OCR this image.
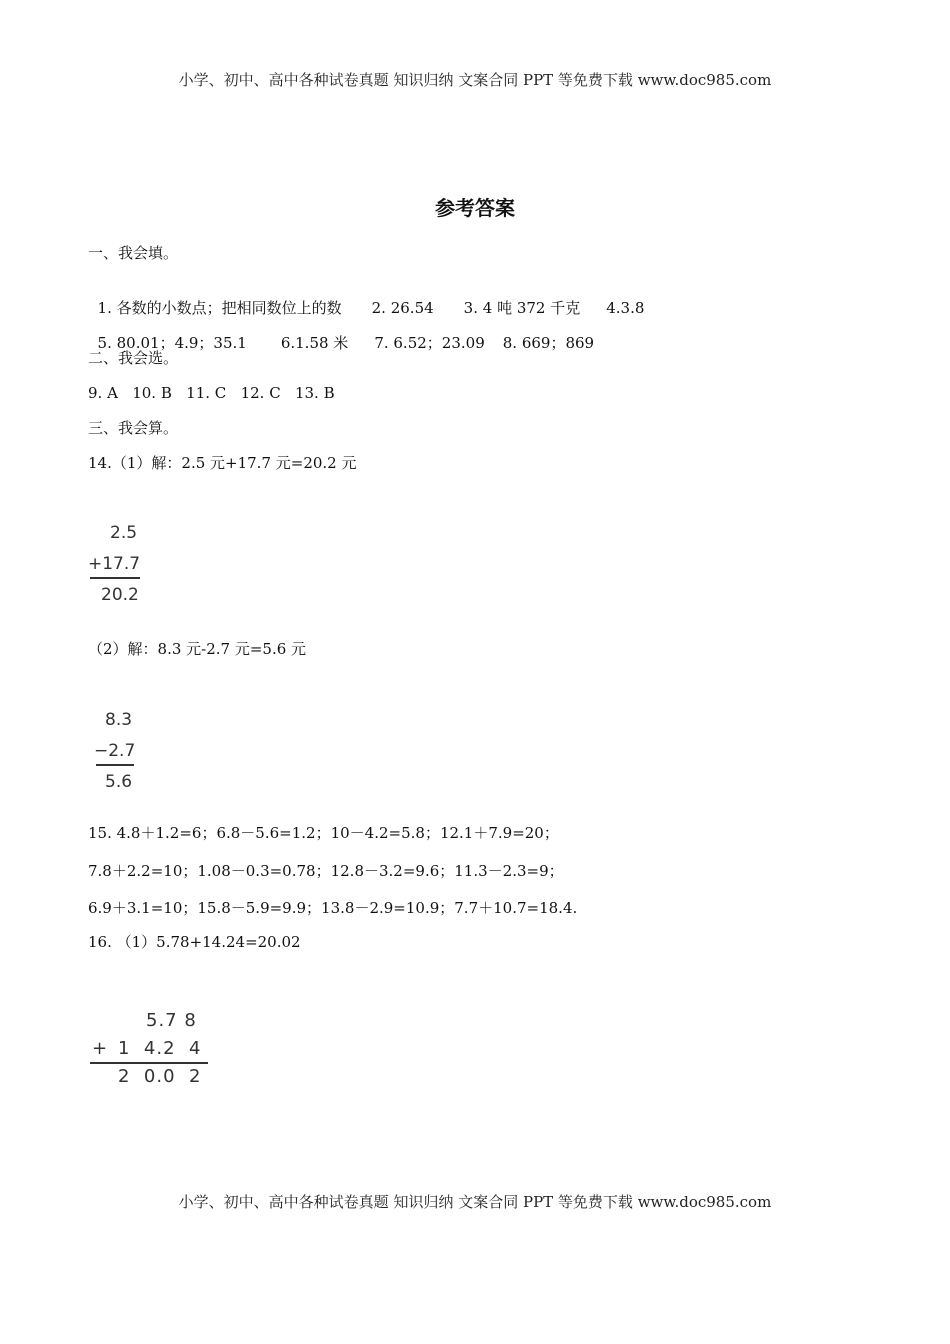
小学、初中、高中各种试卷真题 知识归纳 文案合同 PPT 等免费下载 www.doc985.com
参考答案
一、我会填。

1. 各数的小数点；把相同数位上的数 2. 26.54 3. 4 吨 372 千克 4.3.8

5. 80.01；4.9；35.1 6.1.58 米 7. 6.52；23.09 8. 669；869

二、我会选。
9. A   10. B   11. C   12. C   13. B
三、我会算。
14.（1）解：2.5 元+17.7 元=20.2 元
2.5
+17.7
20.2
（2）解：8.3 元-2.7 元=5.6 元
8.3
−2.7
5.6
15. 4.8＋1.2=6；6.8－5.6=1.2；10－4.2=5.8；12.1＋7.9=20；
7.8＋2.2=10；1.08－0.3=0.78；12.8－3.2=9.6；11.3－2.3=9；
6.9＋3.1=10；15.8－5.9=9.9；13.8－2.9=10.9；7.7＋10.7=18.4.
16. （1）5.78+14.24=20.02
5.7 8
+ 1  4.2  4
2  0.0  2
小学、初中、高中各种试卷真题 知识归纳 文案合同 PPT 等免费下载 www.doc985.com
